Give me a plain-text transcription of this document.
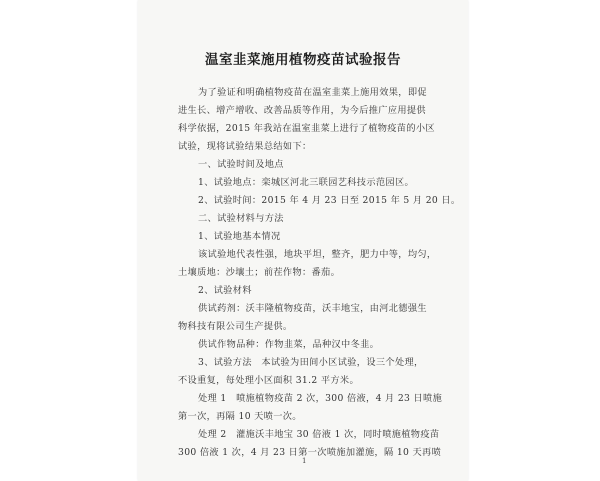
温室韭菜施用植物疫苗试验报告
为了验证和明确植物疫苗在温室韭菜上施用效果，即促
进生长、增产增收、改善品质等作用，为今后推广应用提供
科学依据，2015 年我站在温室韭菜上进行了植物疫苗的小区
试验，现将试验结果总结如下：
一、试验时间及地点
1、试验地点：栾城区河北三联园艺科技示范园区。
2、试验时间：2015 年 4 月 23 日至 2015 年 5 月 20 日。
二、试验材料与方法
1、试验地基本情况
该试验地代表性强，地块平坦，整齐，肥力中等，均匀，
土壤质地：沙壤土；前茬作物：番茄。
2、试验材料
供试药剂：沃丰隆植物疫苗，沃丰地宝，由河北德强生
物科技有限公司生产提供。
供试作物品种：作物韭菜，品种汉中冬韭。
3、试验方法　本试验为田间小区试验，设三个处理，
不设重复，每处理小区面积 31.2 平方米。
处理 1　喷施植物疫苗 2 次，300 倍液，4 月 23 日喷施
第一次，再隔 10 天喷一次。
处理 2　灌施沃丰地宝 30 倍液 1 次，同时喷施植物疫苗
300 倍液 1 次，4 月 23 日第一次喷施加灌施，隔 10 天再喷
1
